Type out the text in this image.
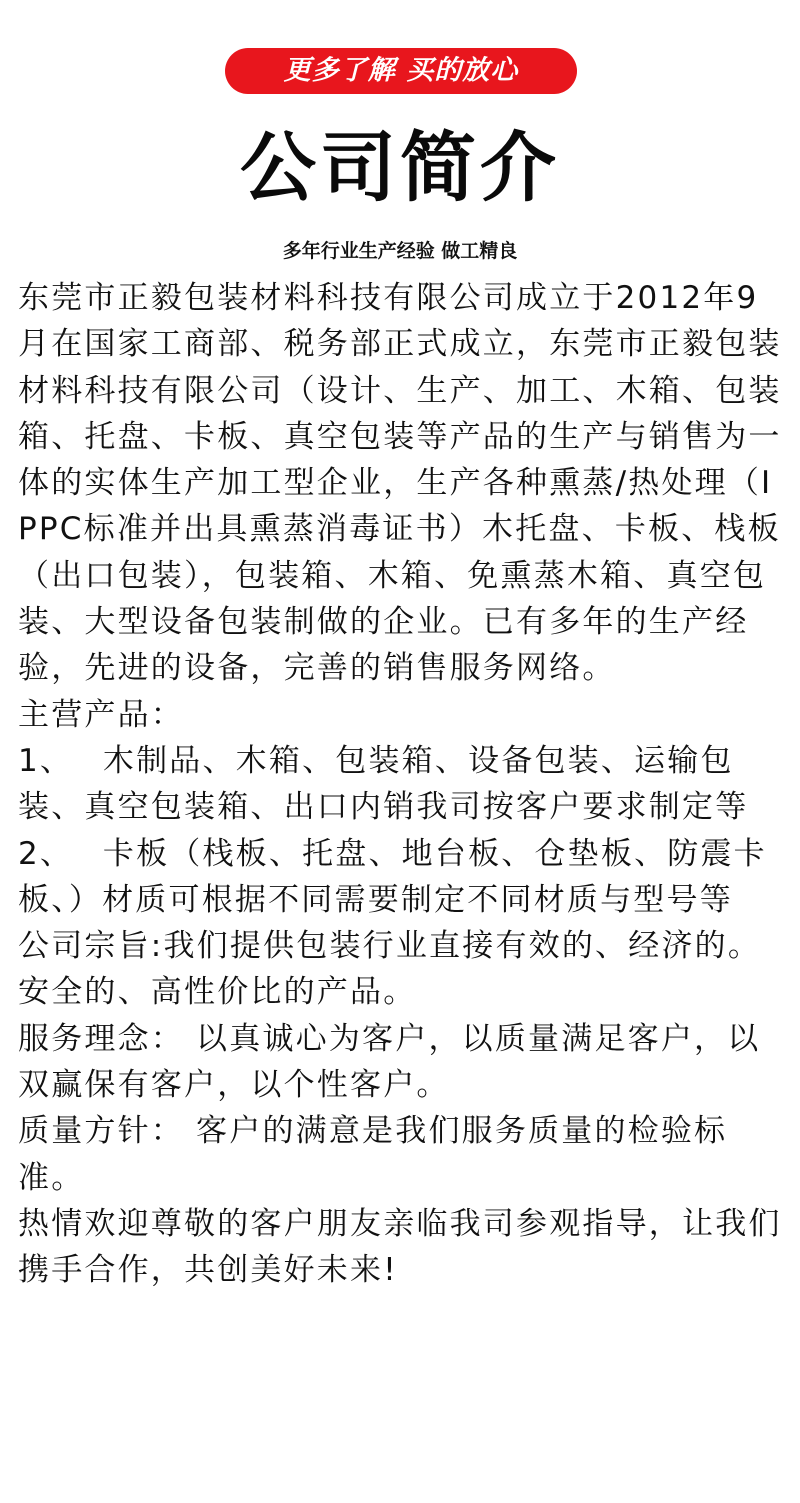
更多了解 买的放心
公司简介
多年行业生产经验 做工精良

东莞市正毅包装材料科技有限公司成立于2012年9月在国家工商部、税务部正式成立，东莞市正毅包装材料科技有限公司（设计、生产、加工、木箱、包装箱、托盘、卡板、真空包装等产品的生产与销售为一体的实体生产加工型企业，生产各种熏蒸/热处理（IPPC标准并出具熏蒸消毒证书）木托盘、卡板、栈板（出口包装），包装箱、木箱、免熏蒸木箱、真空包装、大型设备包装制做的企业。已有多年的生产经验，先进的设备，完善的销售服务网络。

主营产品：

1、　 木制品、木箱、包装箱、设备包装、运输包装、真空包装箱、出口内销我司按客户要求制定等

2、　 卡板（栈板、托盘、地台板、仓垫板、防震卡板、）材质可根据不同需要制定不同材质与型号等

公司宗旨:我们提供包装行业直接有效的、经济的。安全的、高性价比的产品。

服务理念： 以真诚心为客户，以质量满足客户，以双赢保有客户，以个性客户。

质量方针： 客户的满意是我们服务质量的检验标准。

热情欢迎尊敬的客户朋友亲临我司参观指导，让我们携手合作，共创美好未来!
